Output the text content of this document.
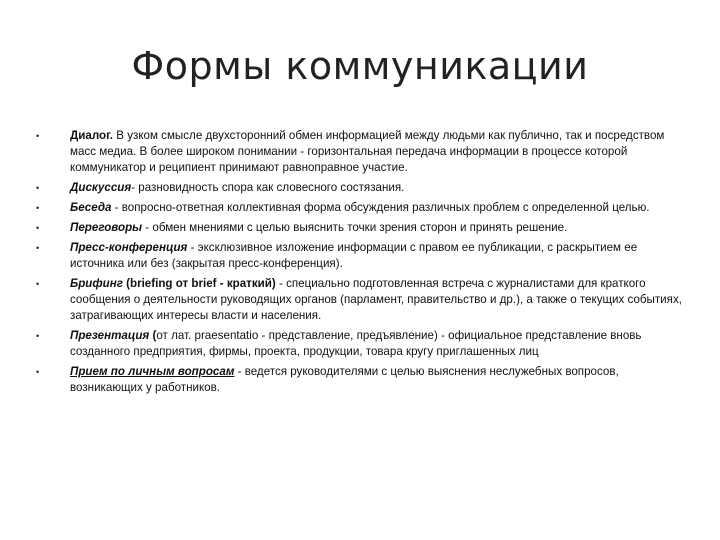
Формы коммуникации
•	Диалог. В узком смысле двухсторонний обмен информацией между людьми как публично, так и посредством масс медиа. В более широком понимании - горизонтальная передача информации в процессе которой коммуникатор и реципиент принимают равноправное участие.
•	Дискуссия- разновидность спора как словесного состязания.
•	Беседа - вопросно-ответная коллективная форма обсуждения различных проблем с определенной целью.
•	Переговоры - обмен мнениями с целью выяснить точки зрения сторон и принять решение.
•	Пресс-конференция - эксклюзивное изложение информации с правом ее публикации, с раскрытием ее источника или без (закрытая пресс-конференция).
•	Брифинг (briefing от brief - краткий) - специально подготовленная встреча с журналистами для краткого сообщения о деятельности руководящих органов (парламент, правительство и др.), а также о текущих событиях, затрагивающих интересы власти и населения.
•	Презентация (от лат. praesentatio - представление, предъявление) - официальное представление вновь созданного предприятия, фирмы, проекта, продукции, товара кругу приглашенных лиц
•	Прием по личным вопросам - ведется руководителями с целью выяснения неслужебных вопросов, возникающих у работников.
